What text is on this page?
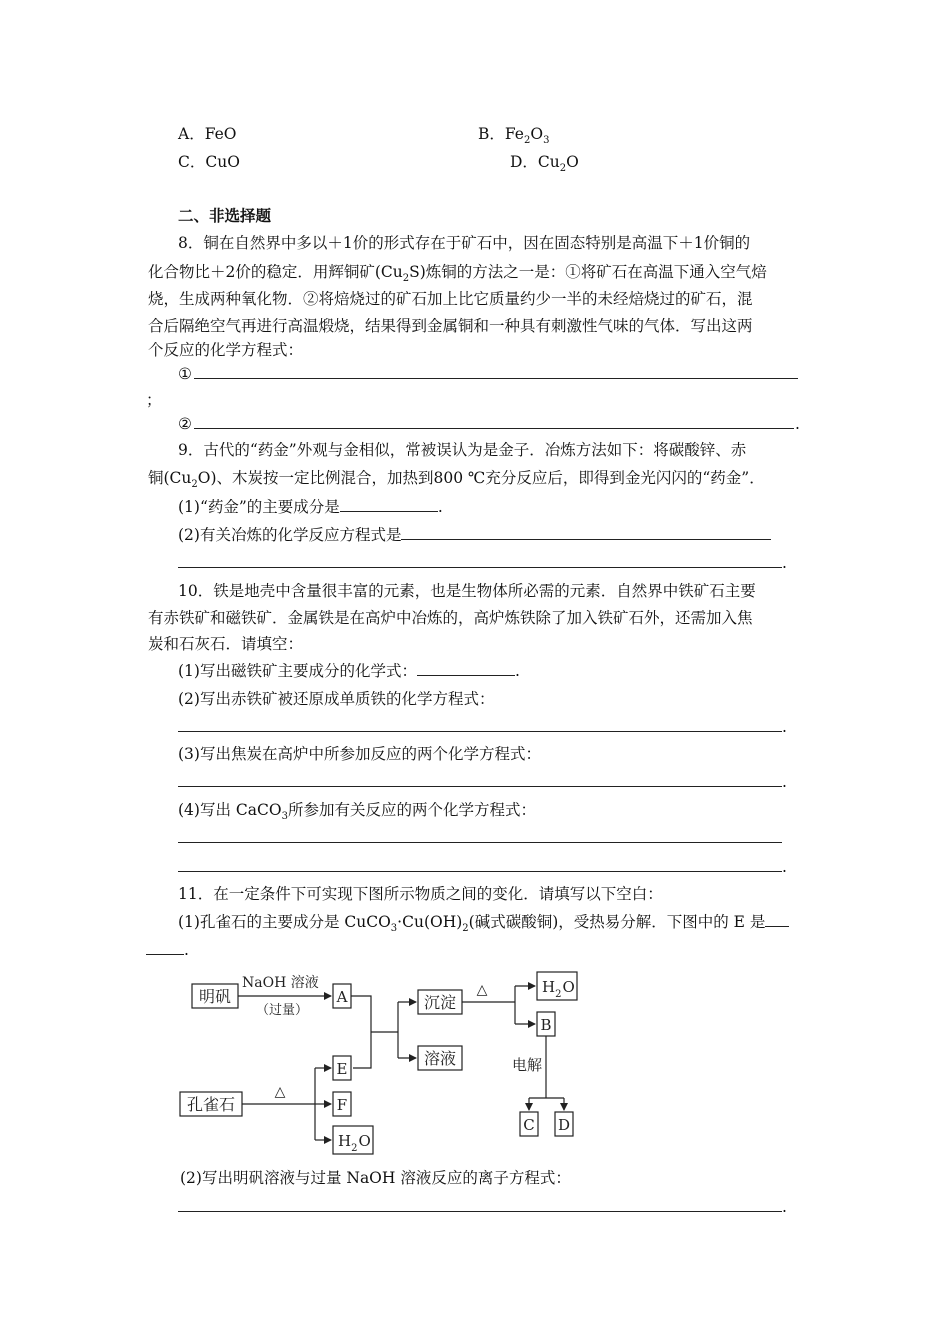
A．FeO	B．$Fe_2O_3$
C．CuO	D．$Cu_2O$
二、非选择题
8．铜在自然界中多以＋1价的形式存在于矿石中，因在固态特别是高温下＋1价铜的
化合物比＋2价的稳定．用辉铜矿$(Cu_2S)$炼铜的方法之一是：①将矿石在高温下通入空气焙
烧，生成两种氧化物．②将焙烧过的矿石加上比它质量约少一半的未经焙烧过的矿石，混
合后隔绝空气再进行高温煅烧，结果得到金属铜和一种具有刺激性气味的气体．写出这两
个反应的化学方程式：
①
；
②	.
9．古代的“药金”外观与金相似，常被误认为是金子．冶炼方法如下：将碳酸锌、赤
铜$(Cu_2O)$、木炭按一定比例混合，加热到800 ℃充分反应后，即得到金光闪闪的“药金”．
(1)“药金”的主要成分是	.
(2)有关冶炼的化学反应方程式是
.
10．铁是地壳中含量很丰富的元素，也是生物体所必需的元素．自然界中铁矿石主要
有赤铁矿和磁铁矿．金属铁是在高炉中冶炼的，高炉炼铁除了加入铁矿石外，还需加入焦
炭和石灰石．请填空：
(1)写出磁铁矿主要成分的化学式：	.
(2)写出赤铁矿被还原成单质铁的化学方程式：
.
(3)写出焦炭在高炉中所参加反应的两个化学方程式：
.
(4)写出 CaCO$_3$所参加有关反应的两个化学方程式：
.
11．在一定条件下可实现下图所示物质之间的变化．请填写以下空白：
(1)孔雀石的主要成分是 $CuCO_3\cdot Cu(OH)_2$(碱式碳酸铜)，受热易分解．下图中的 E 是
.
明矾
NaOH 溶液
（过量）
A	沉淀
溶液
△	$H_2O$
B
电解
C D
孔雀石
△
E
F
$H_2O$
(2)写出明矾溶液与过量 NaOH 溶液反应的离子方程式：
.
